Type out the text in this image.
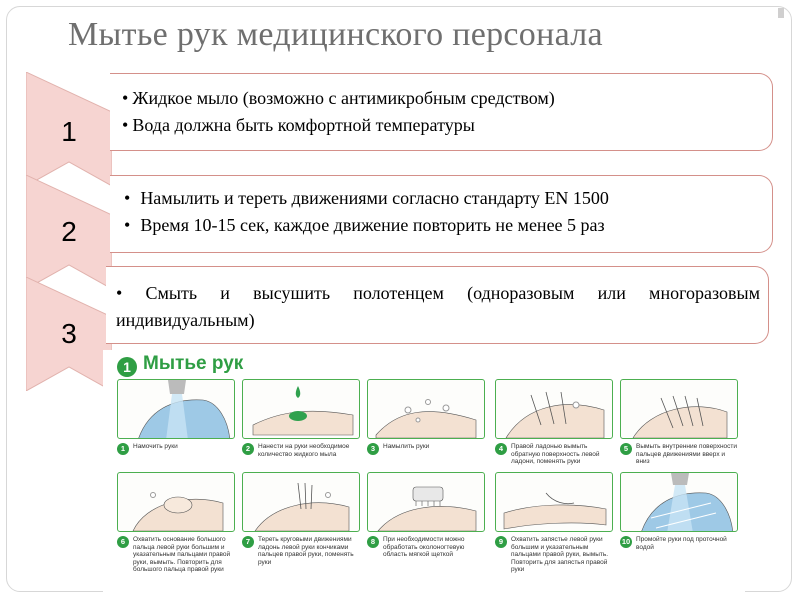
Мытье рук медицинского персонала
1
2
3
• Жидкое мыло (возможно с антимикробным средством)
• Вода должна быть комфортной температуры
• Намылить и тереть движениями согласно стандарту EN 1500
• Время 10-15 сек, каждое движение повторить не менее 5 раз
• Смыть и высушить полотенцем (одноразовым или многоразовым индивидуальным)
1 Мытье рук
1	Намочить руки	2	Нанести на руки необходимое количество жидкого мыла
3	Намылить руки	4	Правой ладонью вымыть обратную поверхность левой ладони, поменять руки
5	Вымыть внутренние поверхности пальцев движениями вверх и вниз
6	Охватить основание большого пальца левой руки большим и указательным пальцами правой руки, вымыть. Повторить для большого пальца правой руки
7	Тереть круговыми движениями ладонь левой руки кончиками пальцев правой руки, поменять руки
8	При необходимости можно обработать околоногтевую область мягкой щеткой
9	Охватить запястье левой руки большим и указательным пальцами правой руки, вымыть. Повторить для запястья правой руки
10 Промойте руки под проточной водой
